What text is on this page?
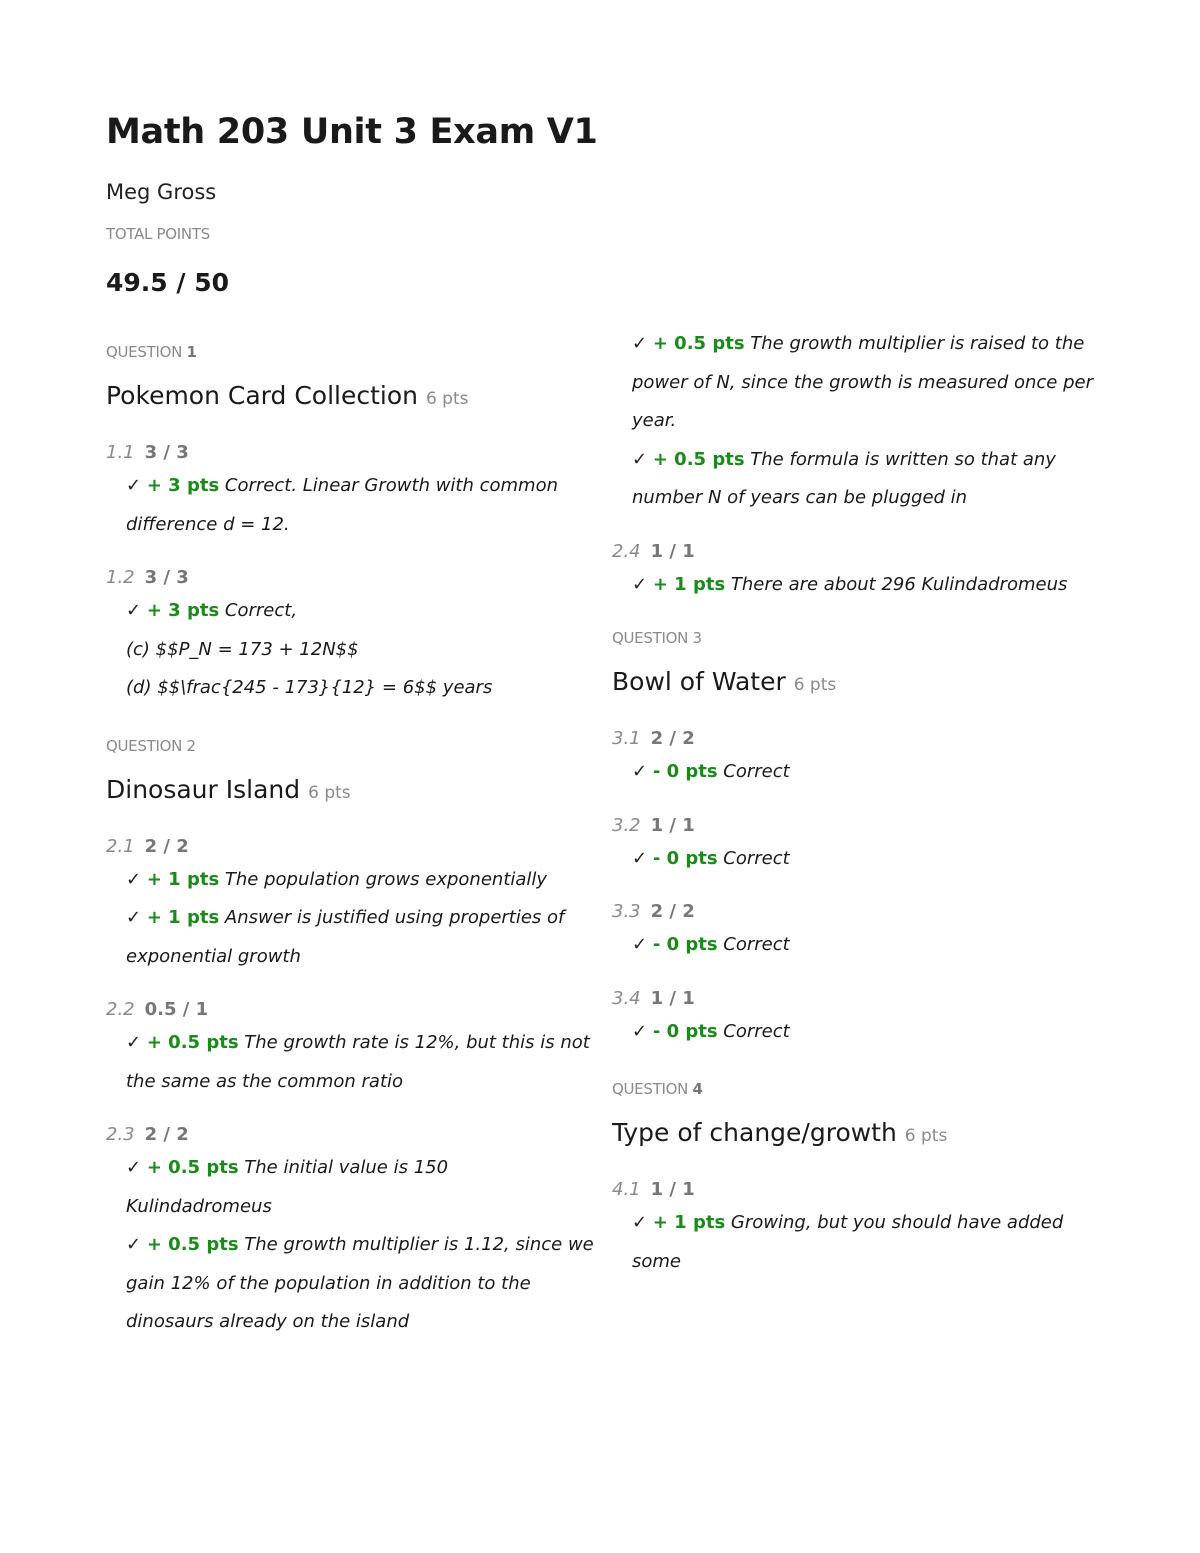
Math 203 Unit 3 Exam V1
Meg Gross
TOTAL POINTS
49.5 / 50
QUESTION 1
Pokemon Card Collection 6 pts
1.1 3 / 3
✓ + 3 pts Correct. Linear Growth with common
difference d = 12.
1.2 3 / 3
✓ + 3 pts Correct,
(c) $$P_N = 173 + 12N$$
(d) $$\frac{245 - 173}{12} = 6$$ years
QUESTION 2
Dinosaur Island 6 pts
2.1 2 / 2
✓ + 1 pts The population grows exponentially
✓ + 1 pts Answer is justified using properties of
exponential growth
2.2 0.5 / 1
✓ + 0.5 pts The growth rate is 12%, but this is not
the same as the common ratio
2.3 2 / 2
✓ + 0.5 pts The initial value is 150 Kulindadromeus
✓ + 0.5 pts The growth multiplier is 1.12, since we
gain 12% of the population in addition to the
dinosaurs already on the island
✓ + 0.5 pts The growth multiplier is raised to the
power of N, since the growth is measured once per
year.
✓ + 0.5 pts The formula is written so that any
number N of years can be plugged in
2.4 1 / 1
✓ + 1 pts There are about 296 Kulindadromeus
QUESTION 3
Bowl of Water 6 pts
3.1 2 / 2
✓ - 0 pts Correct
3.2 1 / 1
✓ - 0 pts Correct
3.3 2 / 2
✓ - 0 pts Correct
3.4 1 / 1
✓ - 0 pts Correct
QUESTION 4
Type of change/growth 6 pts
4.1 1 / 1
✓ + 1 pts Growing, but you should have added some
